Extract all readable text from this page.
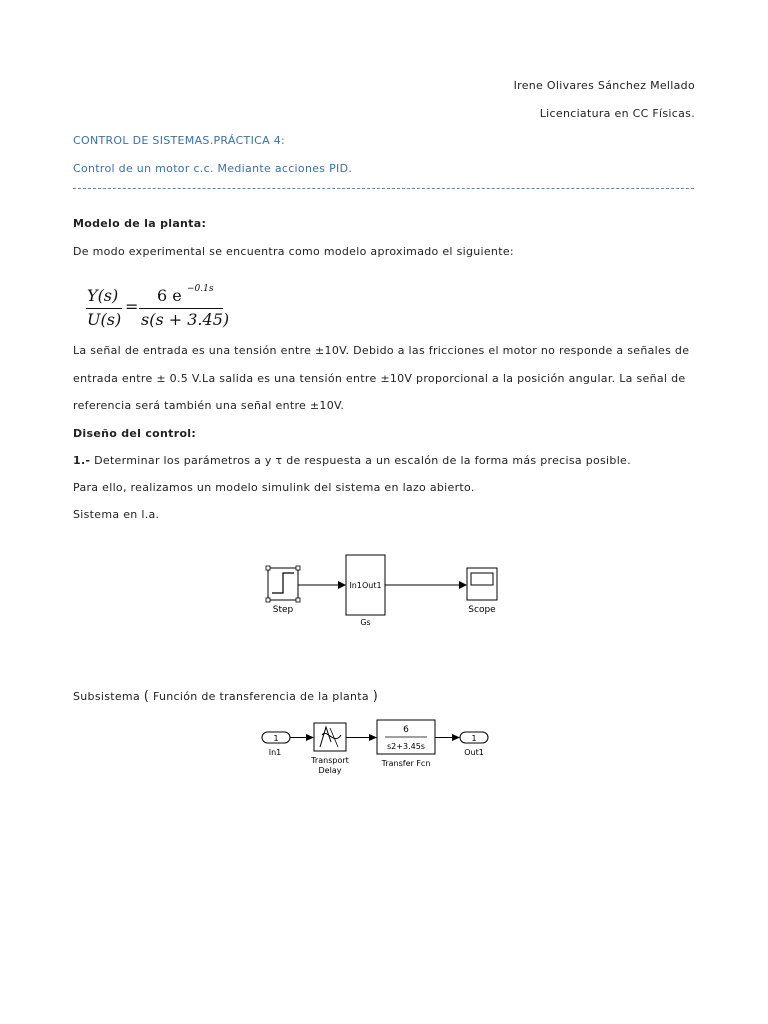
Irene Olivares Sánchez Mellado
Licenciatura en CC Físicas.
CONTROL DE SISTEMAS.PRÁCTICA 4:
Control de un motor c.c. Mediante acciones PID.
Modelo de la planta:
De modo experimental se encuentra como modelo aproximado el siguiente:
Y(s)
U(s)
=
6 e −0.1s
s(s + 3.45)
La señal de entrada es una tensión entre ±10V. Debido a las fricciones el motor no responde a señales de
entrada entre ± 0.5 V.La salida es una tensión entre ±10V proporcional a la posición angular. La señal de
referencia será también una señal entre ±10V.
Diseño del control:
1.- Determinar los parámetros a y τ de respuesta a un escalón de la forma más precisa posible.
Para ello, realizamos un modelo simulink del sistema en lazo abierto.
Sistema en l.a.
Step
In1Out1
Gs
Scope
Subsistema ( Función de transferencia de la planta )
1
In1
Transport
Delay
6
s2+3.45s
Transfer Fcn
1
Out1
